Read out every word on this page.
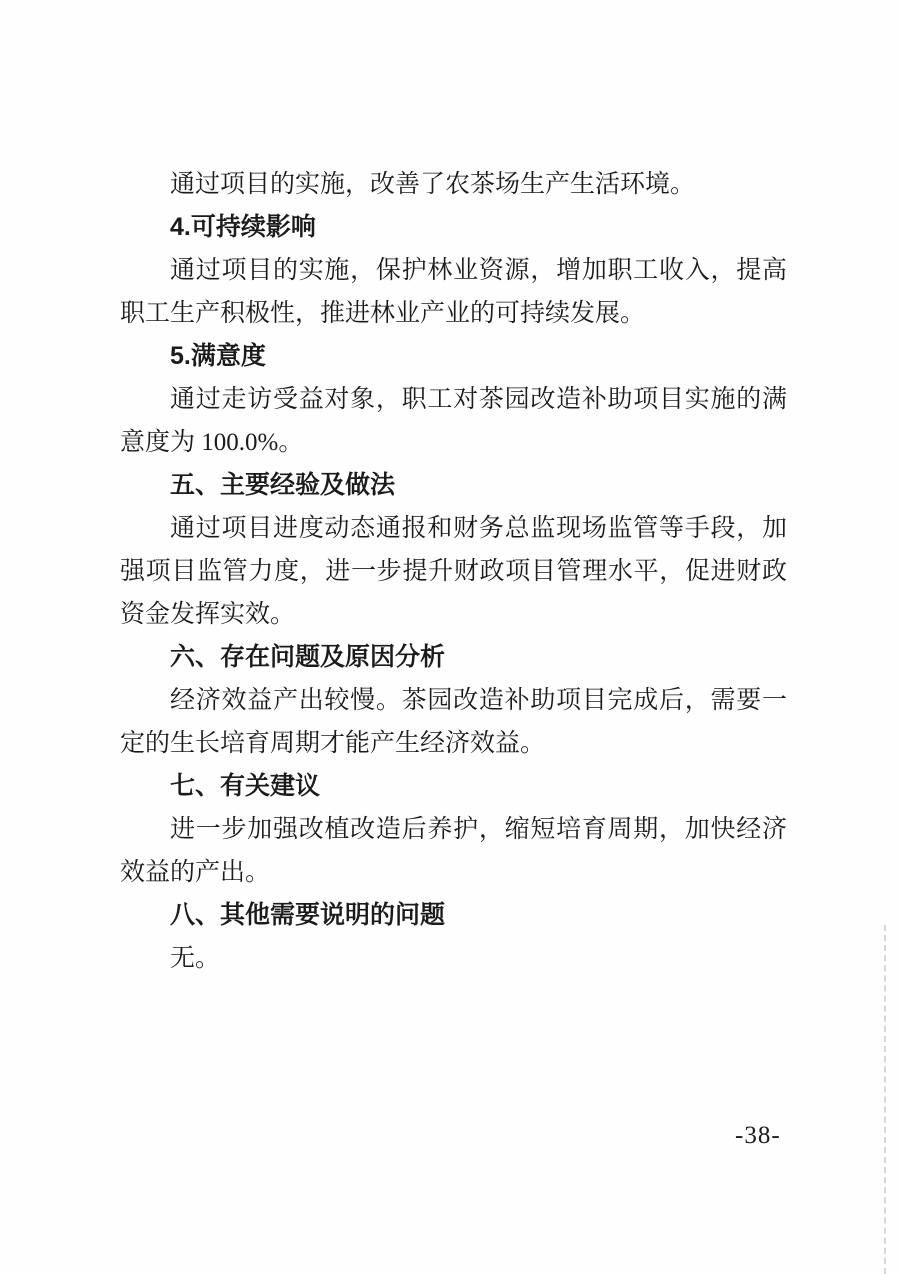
通过项目的实施，改善了农茶场生产生活环境。

4.可持续影响

通过项目的实施，保护林业资源，增加职工收入，提高职工生产积极性，推进林业产业的可持续发展。

5.满意度

通过走访受益对象，职工对茶园改造补助项目实施的满意度为 100.0%。

五、主要经验及做法

通过项目进度动态通报和财务总监现场监管等手段，加强项目监管力度，进一步提升财政项目管理水平，促进财政资金发挥实效。

六、存在问题及原因分析

经济效益产出较慢。茶园改造补助项目完成后，需要一定的生长培育周期才能产生经济效益。

七、有关建议

进一步加强改植改造后养护，缩短培育周期，加快经济效益的产出。

八、其他需要说明的问题

无。

-38-
